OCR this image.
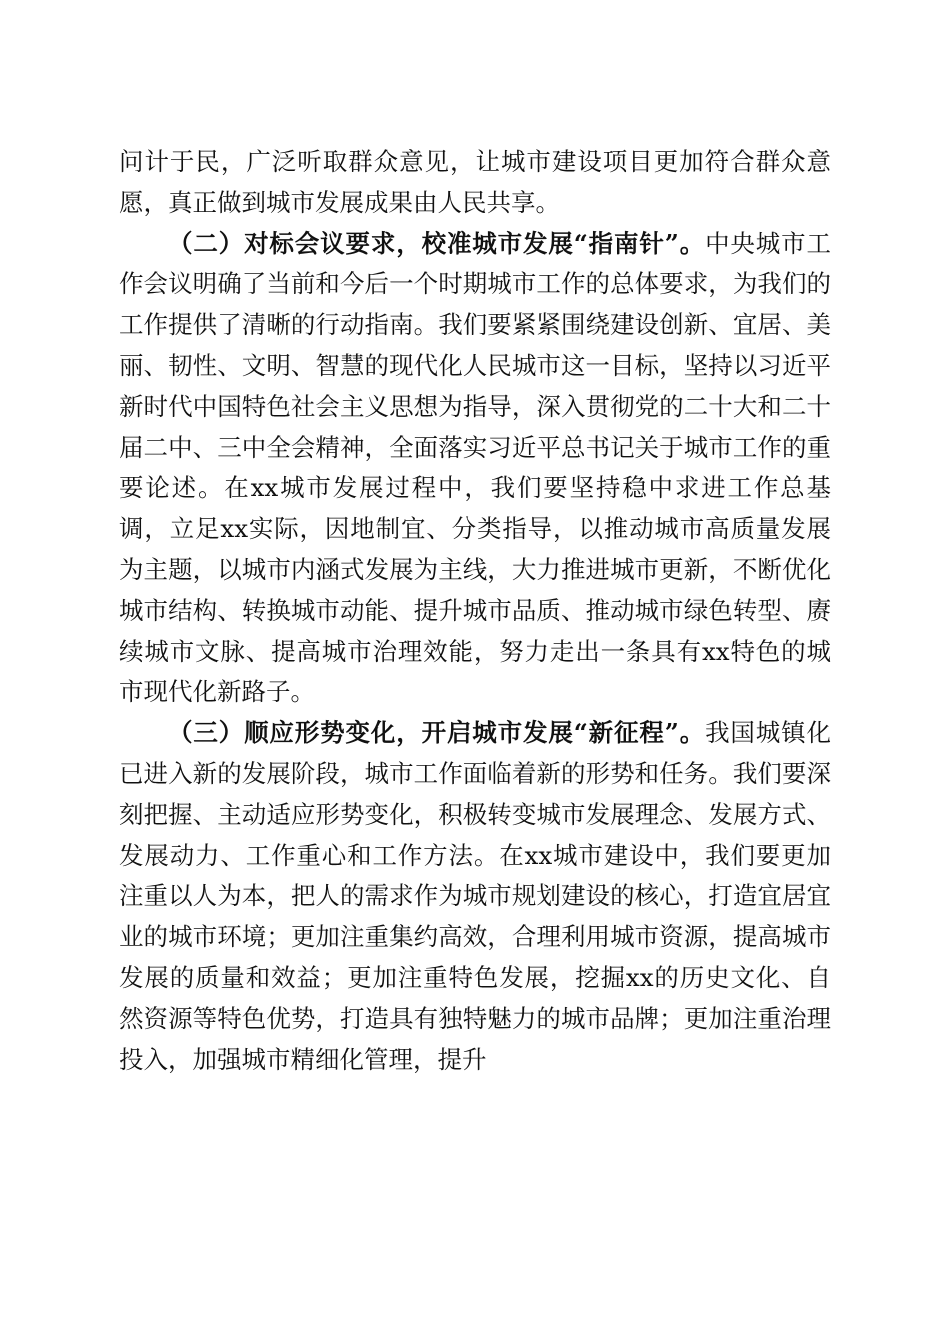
问计于民，广泛听取群众意见，让城市建设项目更加符合群众意愿，真正做到城市发展成果由人民共享。

（二）对标会议要求，校准城市发展“指南针”。中央城市工作会议明确了当前和今后一个时期城市工作的总体要求，为我们的工作提供了清晰的行动指南。我们要紧紧围绕建设创新、宜居、美丽、韧性、文明、智慧的现代化人民城市这一目标，坚持以习近平新时代中国特色社会主义思想为指导，深入贯彻党的二十大和二十届二中、三中全会精神，全面落实习近平总书记关于城市工作的重要论述。在xx城市发展过程中，我们要坚持稳中求进工作总基调，立足xx实际，因地制宜、分类指导，以推动城市高质量发展为主题，以城市内涵式发展为主线，大力推进城市更新，不断优化城市结构、转换城市动能、提升城市品质、推动城市绿色转型、赓续城市文脉、提高城市治理效能，努力走出一条具有xx特色的城市现代化新路子。

（三）顺应形势变化，开启城市发展“新征程”。我国城镇化已进入新的发展阶段，城市工作面临着新的形势和任务。我们要深刻把握、主动适应形势变化，积极转变城市发展理念、发展方式、发展动力、工作重心和工作方法。在xx城市建设中，我们要更加注重以人为本，把人的需求作为城市规划建设的核心，打造宜居宜业的城市环境；更加注重集约高效，合理利用城市资源，提高城市发展的质量和效益；更加注重特色发展，挖掘xx的历史文化、自然资源等特色优势，打造具有独特魅力的城市品牌；更加注重治理投入，加强城市精细化管理，提升
